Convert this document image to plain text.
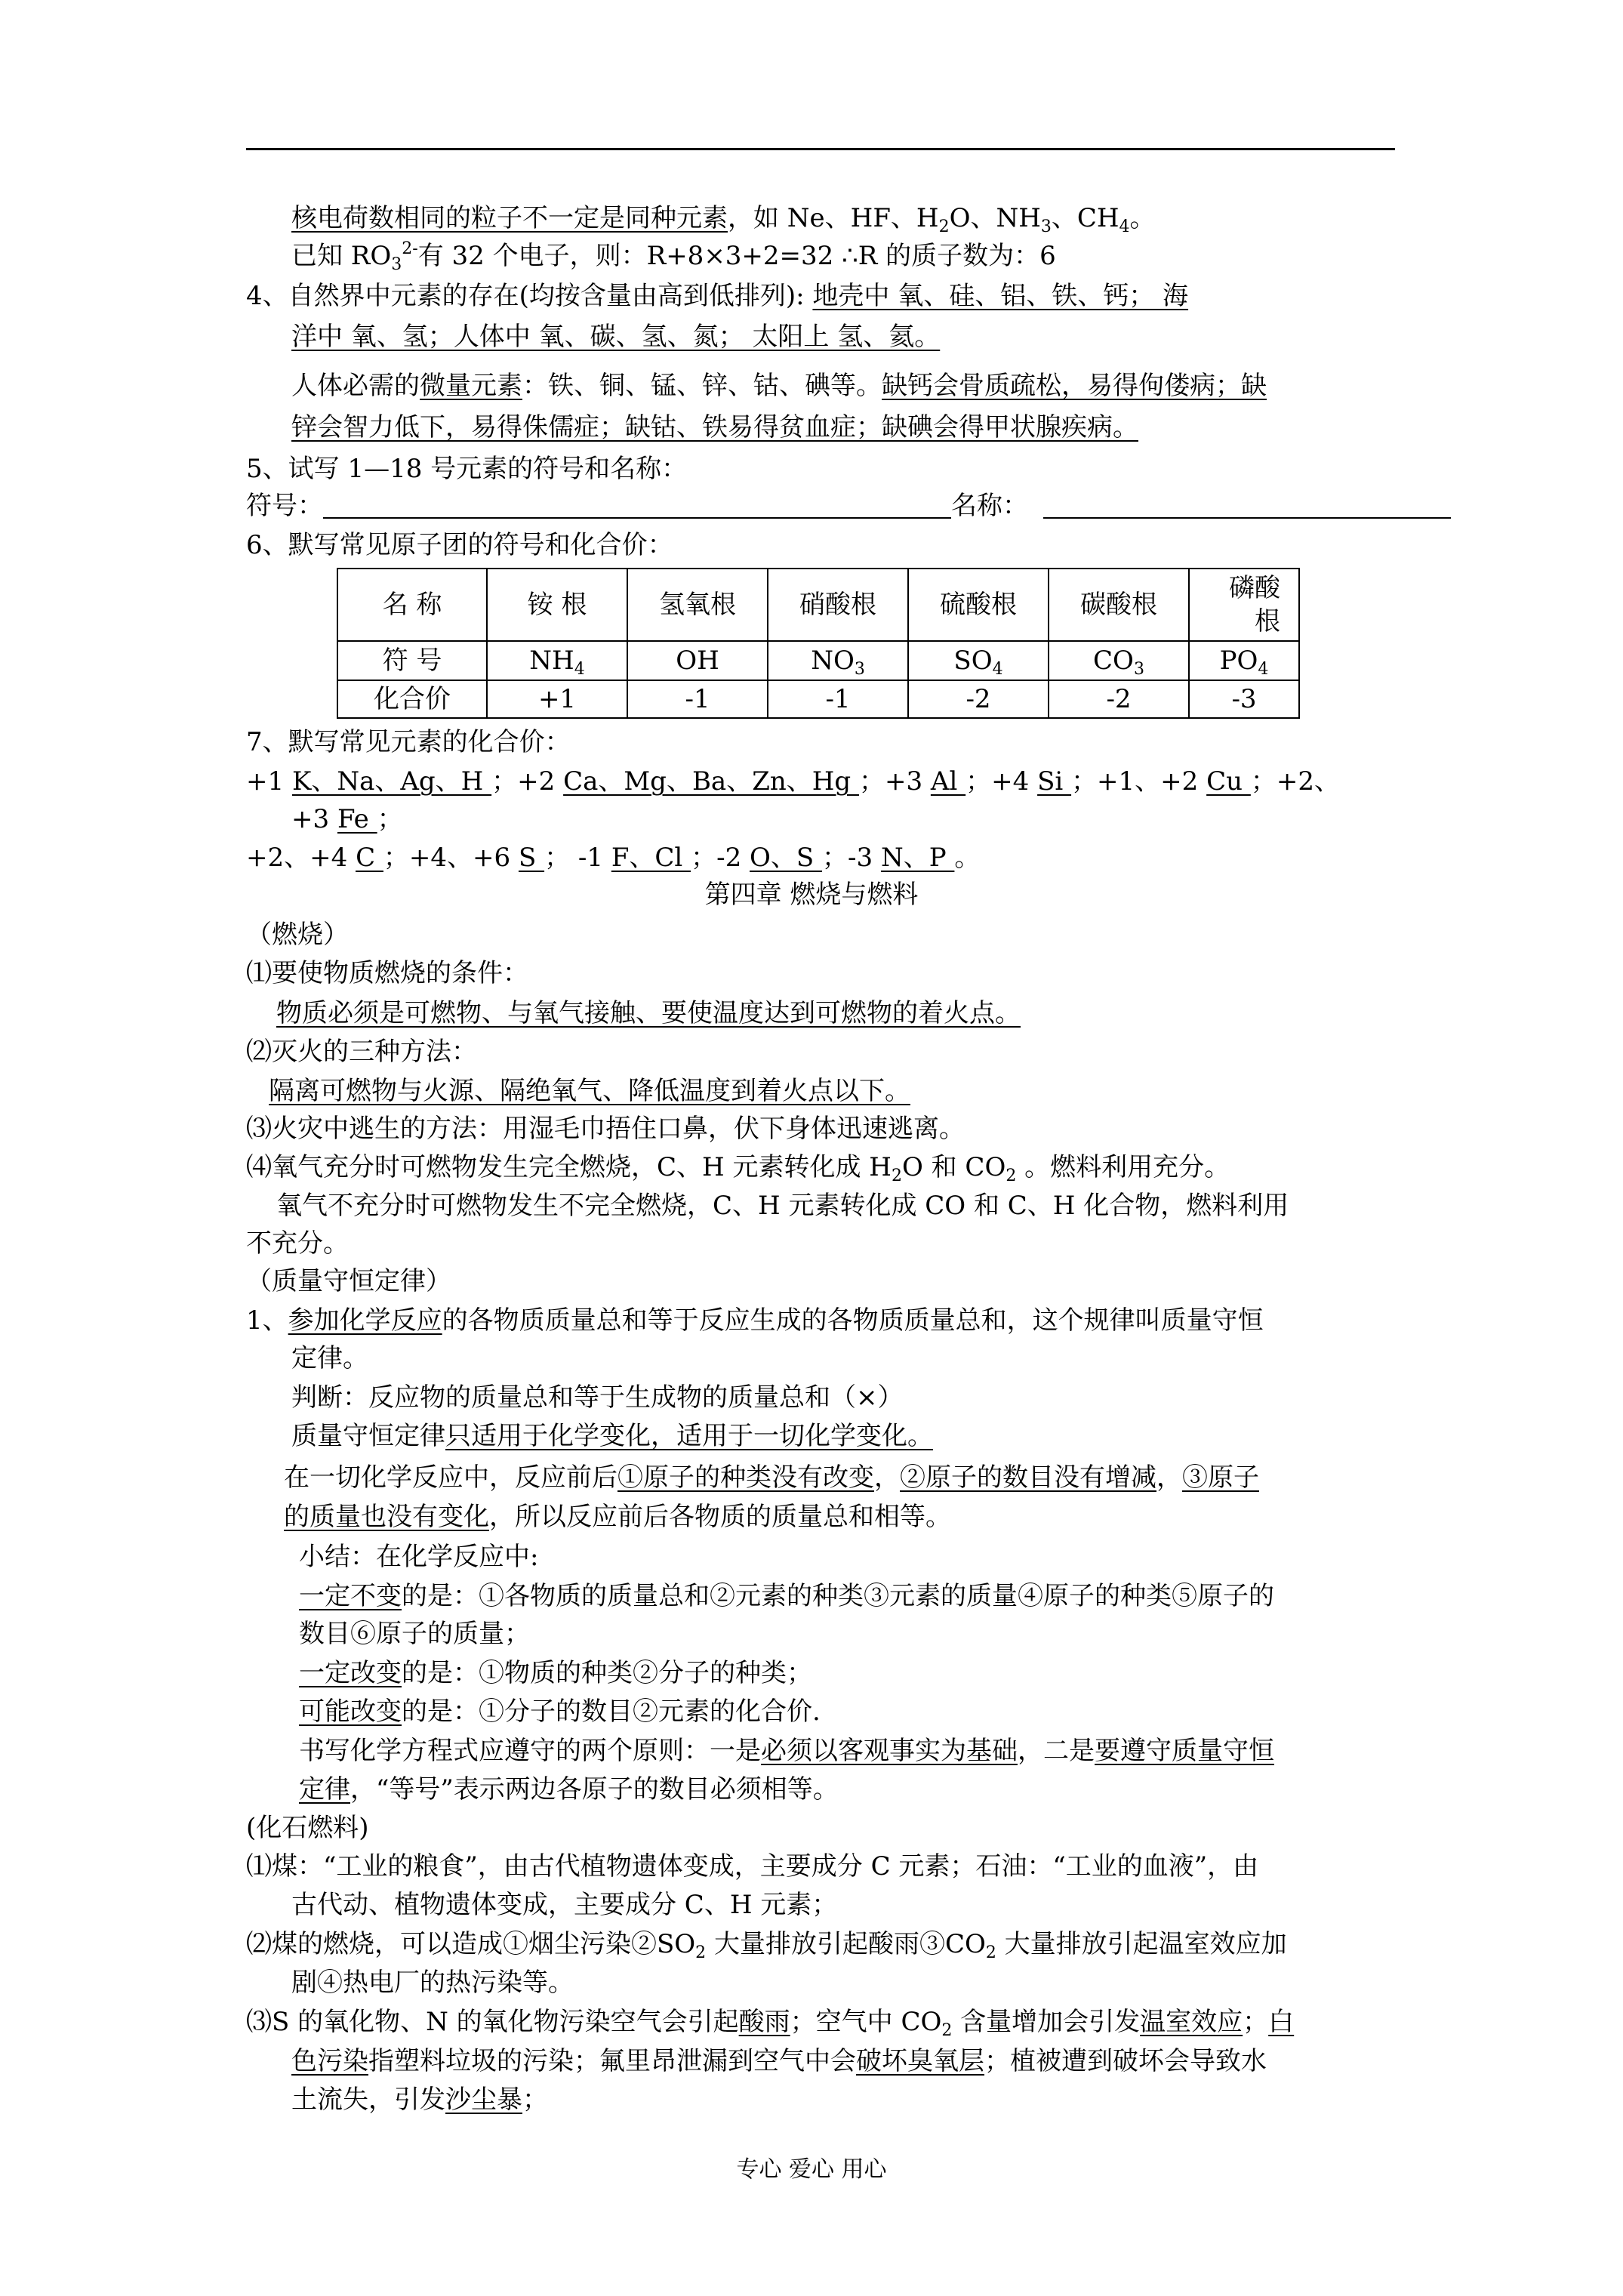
核电荷数相同的粒子不一定是同种元素，如 Ne、HF、$H_2O$、$NH_3$、$CH_4$。
已知 $RO_3^{2-}$有 32 个电子，则：R+8×3+2=32 ∴R 的质子数为：6
4、自然界中元素的存在(均按含量由高到低排列): 地壳中 氧、硅、铝、铁、钙； 海
洋中 氧、氢；人体中 氧、碳、氢、氮； 太阳上 氢、氦。
人体必需的微量元素：铁、铜、锰、锌、钴、碘等。缺钙会骨质疏松，易得佝偻病；缺
锌会智力低下，易得侏儒症；缺钴、铁易得贫血症；缺碘会得甲状腺疾病。
5、试写 1—18 号元素的符号和名称：
符号：	名称：
6、默写常见原子团的符号和化合价：
名 称	铵 根	氢氧根	硝酸根	硫酸根	碳酸根	磷酸根
符 号	$NH_4$	OH	$NO_3$	$SO_4$	$CO_3$	$PO_4$
化合价	+1	-1	-1	-2	-2	-3
7、默写常见元素的化合价：
+1 K、Na、Ag、H ；+2 Ca、Mg、Ba、Zn、Hg ；+3 Al ；+4 Si ；+1、+2 Cu ；+2、
+3 Fe ；
+2、+4 C ；+4、+6 S ； -1 F、Cl ；-2 O、S ；-3 N、P 。
第四章 燃烧与燃料
（燃烧）
⑴要使物质燃烧的条件：
物质必须是可燃物、与氧气接触、要使温度达到可燃物的着火点。
⑵灭火的三种方法：
隔离可燃物与火源、隔绝氧气、降低温度到着火点以下。
⑶火灾中逃生的方法：用湿毛巾捂住口鼻，伏下身体迅速逃离。
⑷氧气充分时可燃物发生完全燃烧，C、H 元素转化成 $H_2O$ 和 $CO_2$ 。燃料利用充分。
氧气不充分时可燃物发生不完全燃烧，C、H 元素转化成 CO 和 C、H 化合物，燃料利用
不充分。
（质量守恒定律）
1、参加化学反应的各物质质量总和等于反应生成的各物质质量总和，这个规律叫质量守恒
定律。
判断：反应物的质量总和等于生成物的质量总和（×）
质量守恒定律只适用于化学变化，适用于一切化学变化。
在一切化学反应中，反应前后①原子的种类没有改变，②原子的数目没有增减，③原子
的质量也没有变化，所以反应前后各物质的质量总和相等。
小结：在化学反应中:
一定不变的是：①各物质的质量总和②元素的种类③元素的质量④原子的种类⑤原子的
数目⑥原子的质量；
一定改变的是：①物质的种类②分子的种类；
可能改变的是：①分子的数目②元素的化合价.
书写化学方程式应遵守的两个原则：一是必须以客观事实为基础，二是要遵守质量守恒
定律，“等号”表示两边各原子的数目必须相等。
(化石燃料)
⑴煤：“工业的粮食”，由古代植物遗体变成，主要成分 C 元素；石油：“工业的血液”，由
古代动、植物遗体变成，主要成分 C、H 元素；
⑵煤的燃烧，可以造成①烟尘污染$②SO_2$ 大量排放引起酸雨$③CO_2$ 大量排放引起温室效应加
剧④热电厂的热污染等。
⑶S 的氧化物、N 的氧化物污染空气会引起酸雨；空气中 $CO_2$ 含量增加会引发温室效应；白
色污染指塑料垃圾的污染；氟里昂泄漏到空气中会破坏臭氧层；植被遭到破坏会导致水
土流失，引发沙尘暴；
专心 爱心 用心
